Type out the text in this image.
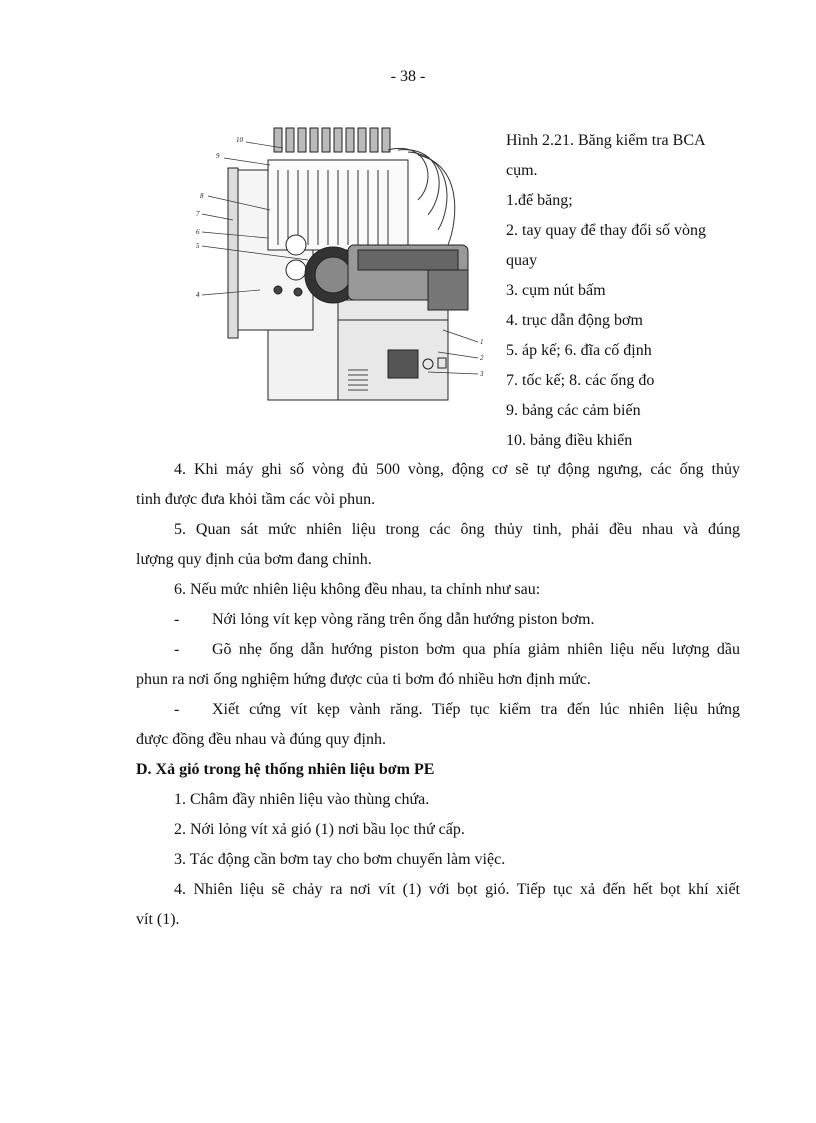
- 38 -
10
9
8
7
6
5
4
1
2
3
Hình 2.21. Băng kiểm tra BCA
cụm.
1.đế băng;
2. tay quay để thay đổi số vòng
quay
3. cụm nút bấm
4. trục dẫn động bơm
5. áp kế; 6. đĩa cố định
7. tốc kế; 8. các ống đo
9. bảng các cảm biến
10. bảng điều khiển
4. Khi máy ghi số vòng đủ 500 vòng, động cơ sẽ tự động ngưng, các ống thủy
tinh được đưa khỏi tầm các vòi phun.
5. Quan sát mức nhiên liệu trong các ông thủy tinh, phải đều nhau và đúng
lượng quy định của bơm đang chỉnh.
6. Nếu mức nhiên liệu không đều nhau, ta chỉnh như sau:
-	Nới lỏng vít kẹp vòng răng trên ống dẫn hướng piston bơm.
-	Gõ nhẹ ống dẫn hướng piston bơm qua phía giảm nhiên liệu nếu lượng dầu
phun ra nơi ống nghiệm hứng được của ti bơm đó nhiều hơn định mức.
-	Xiết cứng vít kẹp vành răng. Tiếp tục kiểm tra đến lúc nhiên liệu hứng
được đồng đều nhau và đúng quy định.
D. Xả gió trong hệ thống nhiên liệu bơm PE
1. Châm đầy nhiên liệu vào thùng chứa.
2. Nới lỏng vít xả gió (1) nơi bầu lọc thứ cấp.
3. Tác động cần bơm tay cho bơm chuyển làm việc.
4. Nhiên liệu sẽ chảy ra nơi vít (1) với bọt gió. Tiếp tục xả đến hết bọt khí xiết
vít (1).
